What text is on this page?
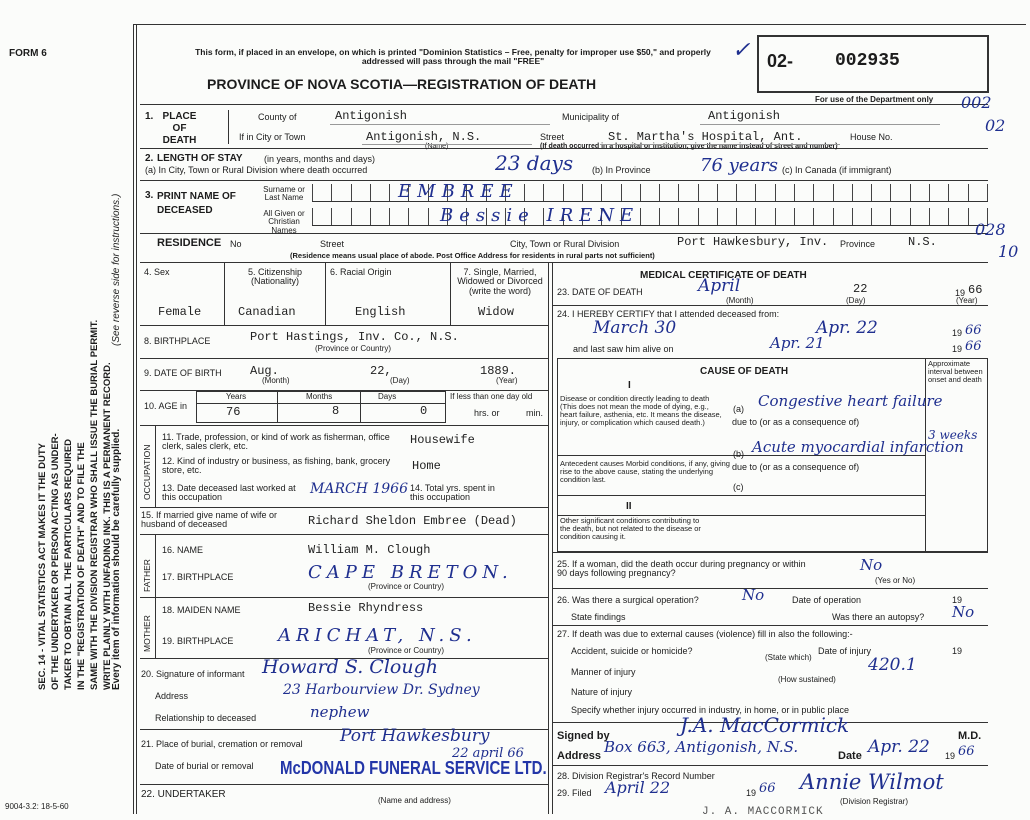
FORM 6	This form, if placed in an envelope, on which is printed "Dominion Statistics – Free, penalty for improper use $50," and properly addressed will pass through the mail "FREE"
PROVINCE OF NOVA SCOTIA—REGISTRATION OF DEATH
02- 002935
For use of the Department only
✓
002
02
028
10
SEC. 14 - VITAL STATISTICS ACT MAKES IT THE DUTY OF THE UNDERTAKER OR PERSON ACTING AS UNDER- TAKER TO OBTAIN ALL THE PARTICULARS REQUIRED IN THE "REGISTRATION OF DEATH" AND TO FILE THE SAME WITH THE DIVISION REGISTRAR WHO SHALL ISSUE THE BURIAL PERMIT. WRITE PLAINLY WITH UNFADING INK. THIS IS A PERMANENT RECORD.
Every item of information should be carefully supplied.
(See reverse side for instructions.)
9004-3.2: 18-5-60
1. PLACE OF DEATH
County of	Antigonish	Municipality of	Antigonish
If in City or Town	Antigonish, N.S.
(Name)
Street	St. Martha's Hospital, Ant.	House No.
(If death occurred in a hospital or institution, give the name instead of street and number)
2. LENGTH OF STAY (in years, months and days)
(a) In City, Town or Rural Division where death occurred	23 days (b) In Province	76 years (c) In Canada (if immigrant)
3. PRINT NAME OF DECEASED
Surname or Last Name
All Given or Christian Names
EMBREE
Bessie IRENE
RESIDENCE No	Street	City, Town or Rural Division	Port Hawkesbury, Inv. Province	N.S.
(Residence means usual place of abode. Post Office Address for residents in rural parts not sufficient)
4. Sex
Female
5. Citizenship (Nationality)
Canadian
6. Racial Origin
English
7. Single, Married, Widowed or Divorced (write the word)
Widow
8. BIRTHPLACE	Port Hastings, Inv. Co., N.S.
(Province or Country)
9. DATE OF BIRTH Aug.	22,	1889.
(Month)	(Day)	(Year)
10. AGE in
Years	Months	Days
76	8	0
If less than one day old
hrs. or	min.
OCCUPATION
11. Trade, profession, or kind of work as fisherman, office clerk, sales clerk, etc.	Housewife
12. Kind of industry or business, as fishing, bank, grocery store, etc.	Home
13. Date deceased last worked at this occupation
MARCH 1966 14. Total yrs. spent in this occupation
15. If married give name of wife or husband of deceased	Richard Sheldon Embree (Dead)
FATHER
16. NAME	William M. Clough
17. BIRTHPLACE	CAPE BRETON.
(Province or Country)
MOTHER
18. MAIDEN NAME	Bessie Rhyndress
19. BIRTHPLACE ARICHAT, N.S.
(Province or Country)
20. Signature of informant Howard S. Clough
Address	23 Harbourview Dr. Sydney
Relationship to deceased	nephew
21. Place of burial, cremation or removal Port Hawkesbury
Date of burial or removal
22 april 66
McDONALD FUNERAL SERVICE LTD.
22. UNDERTAKER
(Name and address)
MEDICAL CERTIFICATE OF DEATH
23. DATE OF DEATH	April	22	19 66
(Month)	(Day)	(Year)
24. I HEREBY CERTIFY that I attended deceased from:
March 30	Apr. 22	19 66
and last saw him alive on	Apr. 21	19 66
CAUSE OF DEATH
I
Approximate interval between onset and death
Disease or condition directly leading to death (This does not mean the mode of dying, e.g., heart failure, asthenia, etc. It means the disease, injury, or complication which caused death.)
(a) Congestive heart failure
3 weeks
due to (or as a consequence of)
Antecedent causes Morbid conditions, if any, giving rise to the above cause, stating the underlying condition last.
(b) Acute myocardial infarction
due to (or as a consequence of)
(c)
II
Other significant conditions contributing to the death, but not related to the disease or condition causing it.
25. If a woman, did the death occur during pregnancy or within 90 days following pregnancy?	No
(Yes or No)
26. Was there a surgical operation?	No	Date of operation	19
State findings	Was there an autopsy? No
27. If death was due to external causes (violence) fill in also the following:-
Accident, suicide or homicide?
(State which)
Date of injury	19
Manner of injury	420.1
(How sustained)
Nature of injury
Specify whether injury occurred in industry, in home, or in public place
Signed by	J.A. MacCormick	M.D.
Address Box 663, Antigonish, N.S.	Date Apr. 22 19 66
28. Division Registrar's Record Number
29. Filed April 22	19 66 Annie Wilmot
(Division Registrar)
J. A. MACCORMICK
